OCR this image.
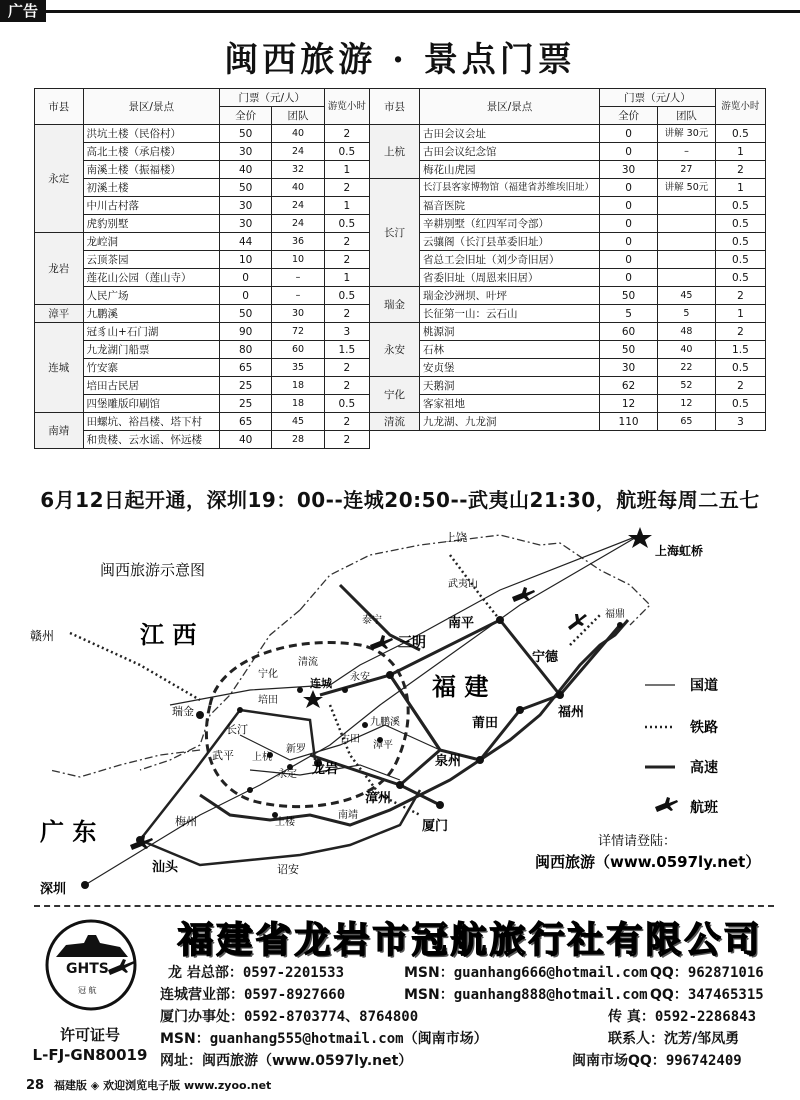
广告
闽西旅游 · 景点门票
市县	景区/景点	门票（元/人）		游览小时
		全价	团队	
永定	洪坑土楼（民俗村）	50	40	2
	高北土楼（承启楼）	30	24	0.5
	南溪土楼（振福楼）	40	32	1
	初溪土楼	50	40	2
	中川古村落	30	24	1
	虎豹别墅	30	24	0.5
龙岩	龙崆洞	44	36	2
	云顶茶园	10	10	2
	莲花山公园（莲山寺）	0	–	1
	人民广场	0	–	0.5
漳平	九鹏溪	50	30	2
连城	冠豸山+石门湖	90	72	3
	九龙湖门船票	80	60	1.5
	竹安寨	65	35	2
	培田古民居	25	18	2
	四堡雕版印刷馆	25	18	0.5
南靖	田螺坑、裕昌楼、塔下村	65	45	2
	和贵楼、云水谣、怀远楼	40	28	2
市县	景区/景点	门票（元/人）		游览小时
		全价	团队	
上杭	古田会议会址	0	讲解 30元	0.5
	古田会议纪念馆	0	–	1
	梅花山虎园	30	27	2
长汀	长汀县客家博物馆（福建省苏维埃旧址）	0	讲解 50元	1
	福音医院	0		0.5
	辛耕别墅（红四军司令部）	0		0.5
	云骧阁（长汀县革委旧址）	0		0.5
	省总工会旧址（刘少奇旧居）	0		0.5
	省委旧址（周恩来旧居）	0		0.5
瑞金	瑞金沙洲坝、叶坪	50	45	2
	长征第一山：云石山	5	5	1
永安	桃源洞	60	48	2
	石林	50	40	1.5
	安贞堡	30	22	0.5
宁化	天鹅洞	62	52	2
	客家祖地	12	12	0.5
清流	九龙湖、九龙洞	110	65	3
6月12日起开通，深圳19：00--连城20:50--武夷山21:30，航班每周二五七
闽西旅游示意图
江 西
福 建
广 东
上饶
上海虹桥
武夷山
泰宁
三明
南平
宁德
福鼎
福州
莆田
泉州
厦门
漳州
南靖
赣州
宁化
清流
连城 永安
培田
瑞金
长汀
武平 上杭
新罗
古田
九鹏溪
漳平
龙岩
永定
梅州	土楼
诏安
汕头
深圳
国道
铁路
高速
航班
详情请登陆：
闽西旅游（www.0597ly.net）
GHTS
冠 航
福建省龙岩市冠航旅行社有限公司
龙 岩总部：0597-2201533	MSN：guanhang666@hotmail.com QQ：962871016
连城营业部：0597-8927660	MSN：guanhang888@hotmail.com QQ：347465315
厦门办事处：0592-8703774、8764800	传 真：0592-2286843
MSN：guanhang555@hotmail.com（闽南市场）	联系人：沈芳/邹凤勇
网址：闽西旅游（www.0597ly.net）	闽南市场QQ：996742409
许可证号
L-FJ-GN80019
28 福建版 ◈ 欢迎浏览电子版 www.zyoo.net
